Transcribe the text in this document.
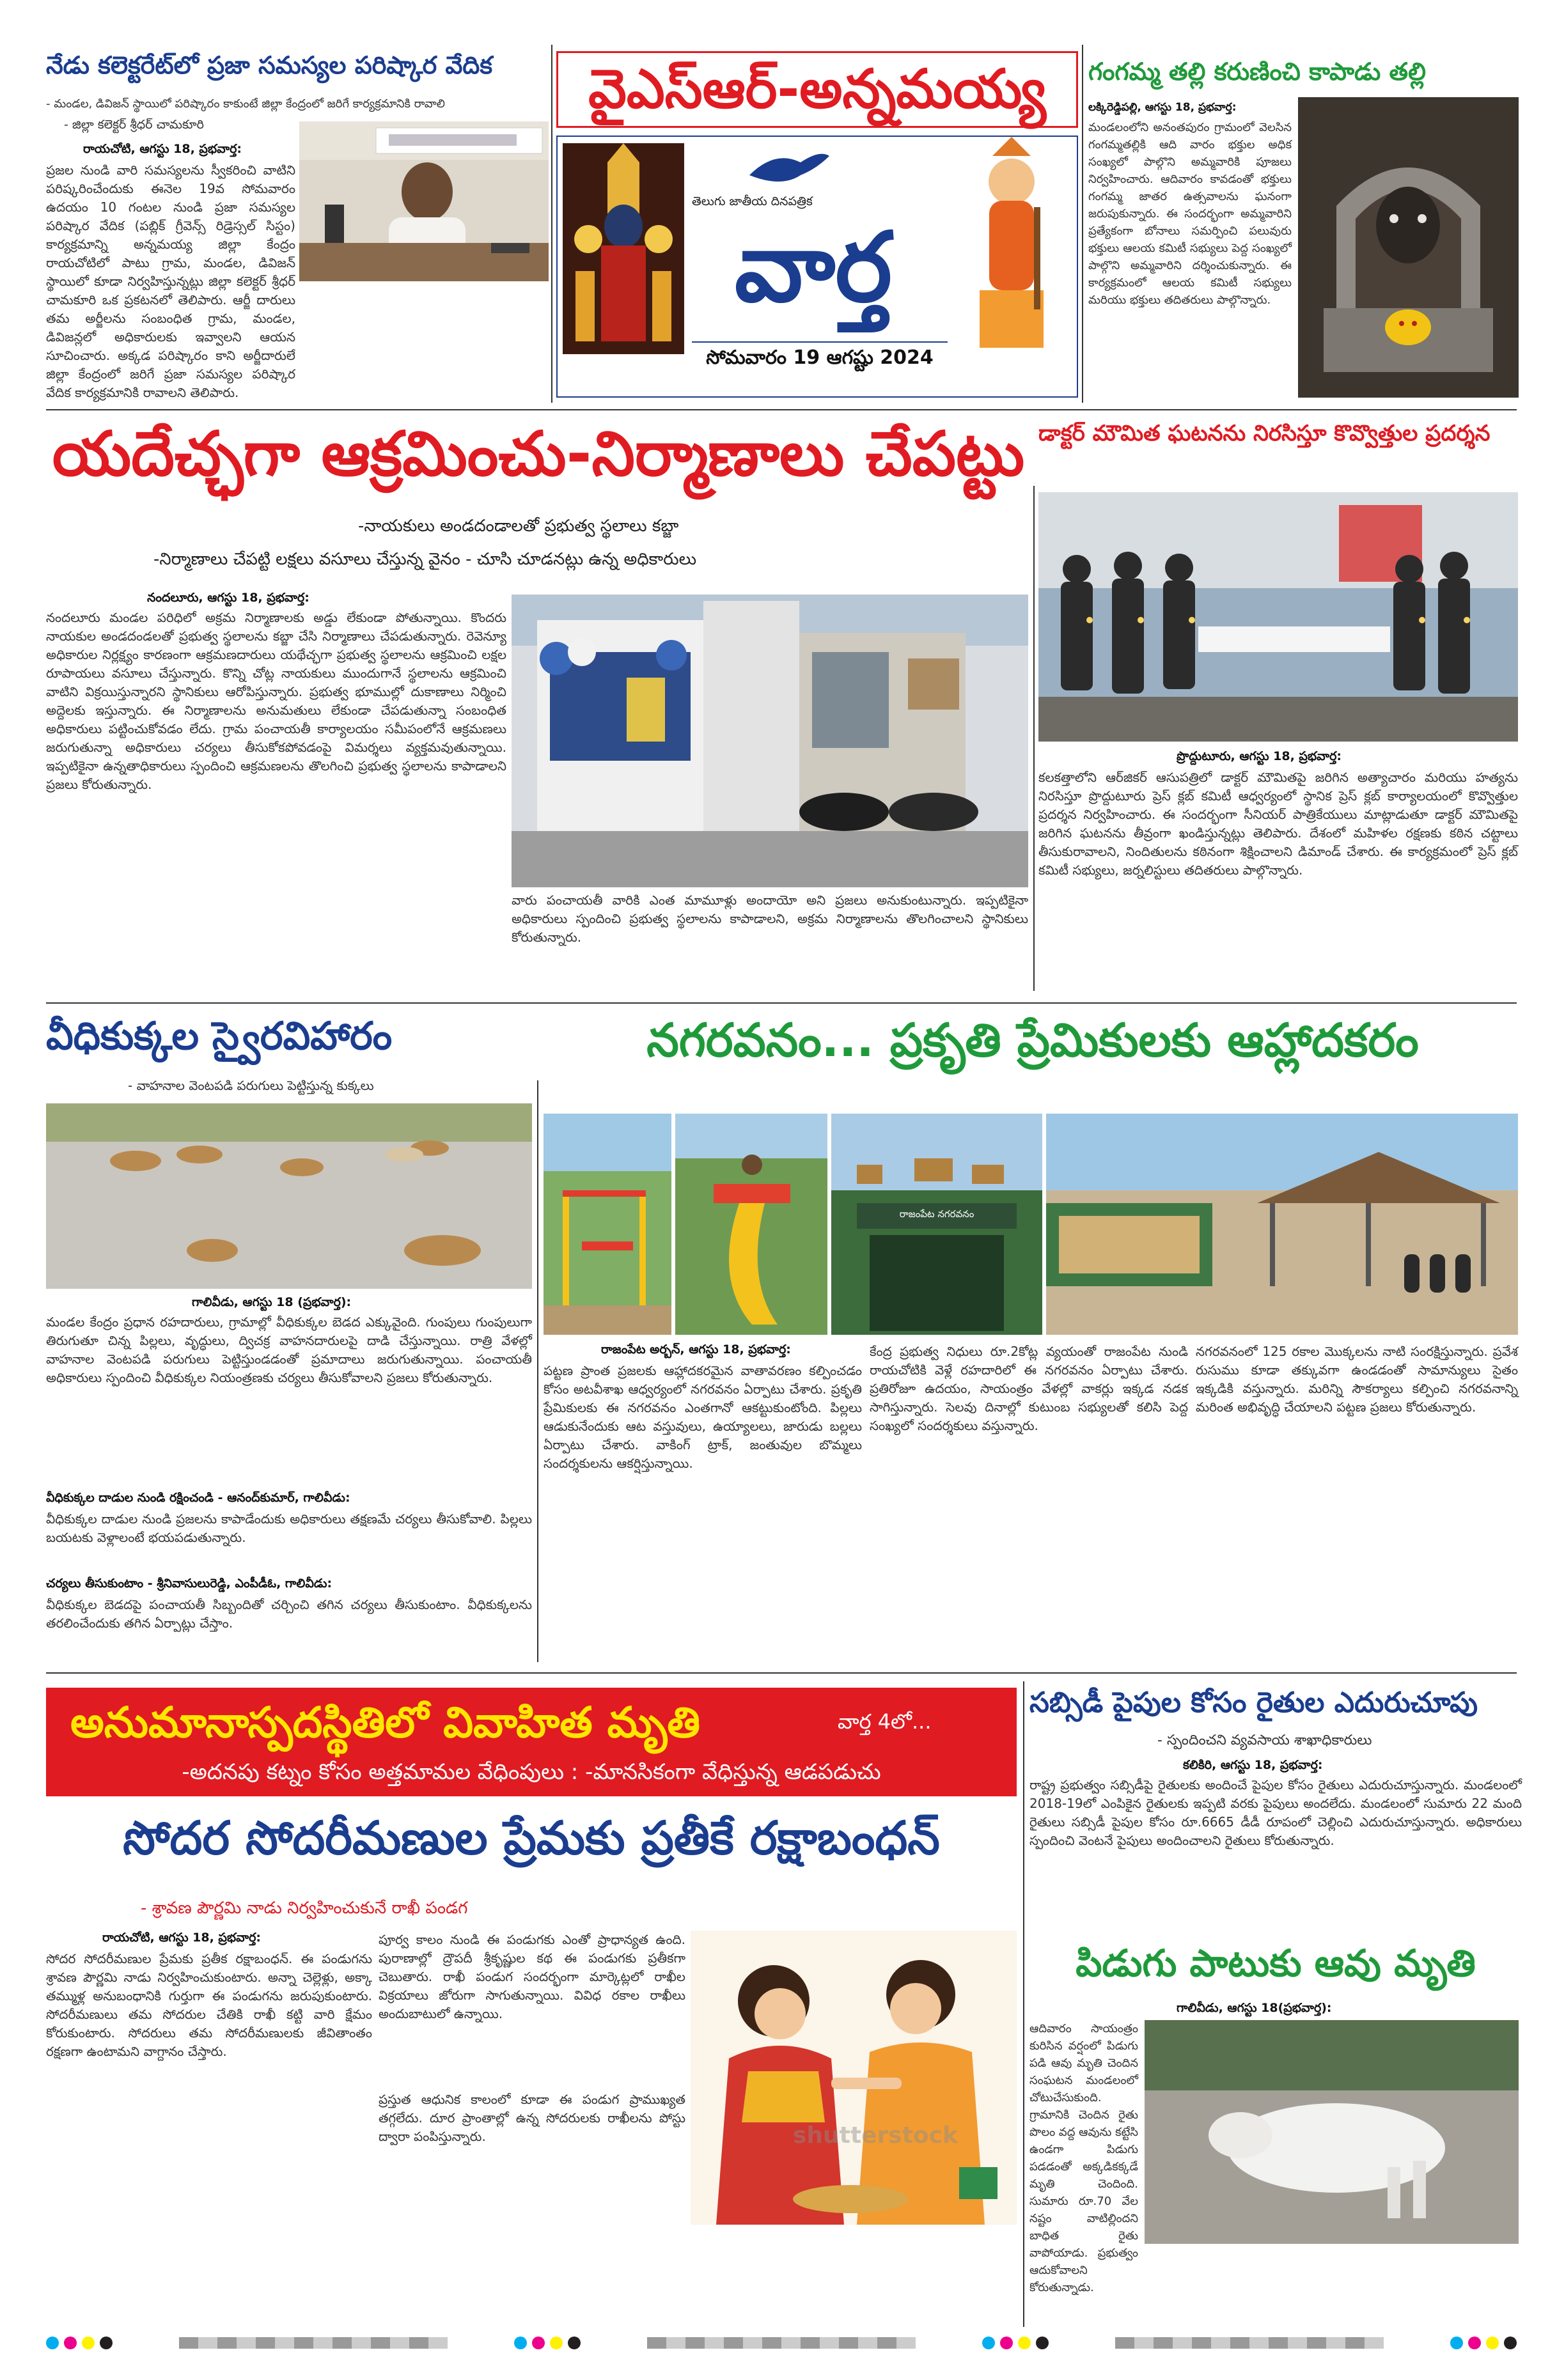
నేడు కలెక్టరేట్‌లో ప్రజా సమస్యల పరిష్కార వేదిక
- మండల, డివిజన్ స్థాయిలో పరిష్కారం కాకుంటే జిల్లా కేంద్రంలో జరిగే కార్యక్రమానికి రావాలి
- జిల్లా కలెక్టర్ శ్రీధర్ చామకూరి
రాయచోటి, ఆగస్టు 18, ప్రభవార్త:
ప్రజల నుండి వారి సమస్యలను స్వీకరించి వాటిని పరిష్కరించేందుకు ఈనెల 19వ సోమవారం ఉదయం 10 గంటల నుండి ప్రజా సమస్యల పరిష్కార వేదిక (పబ్లిక్ గ్రీవెన్స్ రిడ్రెస్సల్ సిస్టం) కార్యక్రమాన్ని అన్నమయ్య జిల్లా కేంద్రం రాయచోటిలో పాటు గ్రామ, మండల, డివిజన్ స్థాయిలో కూడా నిర్వహిస్తున్నట్లు జిల్లా కలెక్టర్ శ్రీధర్ చామకూరి ఒక ప్రకటనలో తెలిపారు. ఆర్జీ దారులు తమ అర్జీలను సంబంధిత గ్రామ, మండల, డివిజన్లలో అధికారులకు ఇవ్వాలని ఆయన సూచించారు. అక్కడ పరిష్కారం కాని అర్జీదారులే జిల్లా కేంద్రంలో జరిగే ప్రజా సమస్యల పరిష్కార వేదిక కార్యక్రమానికి రావాలని తెలిపారు.
వైఎస్ఆర్-అన్నమయ్య
తెలుగు జాతీయ దినపత్రిక
వార్త
సోమవారం 19 ఆగష్టు 2024
గంగమ్మ తల్లి కరుణించి కాపాడు తల్లి
లక్కిరెడ్డిపల్లి, ఆగస్టు 18, ప్రభవార్త:
మండలంలోని అనంతపురం గ్రామంలో వెలసిన గంగమ్మతల్లికి ఆది వారం భక్తుల అధిక సంఖ్యలో పాల్గొని అమ్మవారికి పూజలు నిర్వహించారు. ఆదివారం కావడంతో భక్తులు గంగమ్మ జాతర ఉత్సవాలను ఘనంగా జరుపుకున్నారు. ఈ సందర్భంగా అమ్మవారిని ప్రత్యేకంగా బోనాలు సమర్పించి పలువురు భక్తులు ఆలయ కమిటీ సభ్యులు పెద్ద సంఖ్యలో పాల్గొని అమ్మవారిని దర్శించుకున్నారు. ఈ కార్యక్రమంలో ఆలయ కమిటీ సభ్యులు మరియు భక్తులు తదితరులు పాల్గొన్నారు.
యదేచ్ఛగా ఆక్రమించు-నిర్మాణాలు చేపట్టు
-నాయకులు అండదండాలతో ప్రభుత్వ స్థలాలు కబ్జా
-నిర్మాణాలు చేపట్టి లక్షలు వసూలు చేస్తున్న వైనం - చూసి చూడనట్లు ఉన్న అధికారులు
నందలూరు, ఆగస్టు 18, ప్రభవార్త:
నందలూరు మండల పరిధిలో అక్రమ నిర్మాణాలకు అడ్డు లేకుండా పోతున్నాయి. కొందరు నాయకుల అండదండలతో ప్రభుత్వ స్థలాలను కబ్జా చేసి నిర్మాణాలు చేపడుతున్నారు. రెవెన్యూ అధికారుల నిర్లక్ష్యం కారణంగా ఆక్రమణదారులు యథేచ్ఛగా ప్రభుత్వ స్థలాలను ఆక్రమించి లక్షల రూపాయలు వసూలు చేస్తున్నారు. కొన్ని చోట్ల నాయకులు ముందుగానే స్థలాలను ఆక్రమించి వాటిని విక్రయిస్తున్నారని స్థానికులు ఆరోపిస్తున్నారు. ప్రభుత్వ భూముల్లో దుకాణాలు నిర్మించి అద్దెలకు ఇస్తున్నారు. ఈ నిర్మాణాలను అనుమతులు లేకుండా చేపడుతున్నా సంబంధిత అధికారులు పట్టించుకోవడం లేదు. గ్రామ పంచాయతీ కార్యాలయం సమీపంలోనే ఆక్రమణలు జరుగుతున్నా అధికారులు చర్యలు తీసుకోకపోవడంపై విమర్శలు వ్యక్తమవుతున్నాయి. ఇప్పటికైనా ఉన్నతాధికారులు స్పందించి ఆక్రమణలను తొలగించి ప్రభుత్వ స్థలాలను కాపాడాలని ప్రజలు కోరుతున్నారు.
వారు పంచాయతీ వారికి ఎంత మామూళ్లు అందాయో అని ప్రజలు అనుకుంటున్నారు. ఇప్పటికైనా అధికారులు స్పందించి ప్రభుత్వ స్థలాలను కాపాడాలని, అక్రమ నిర్మాణాలను తొలగించాలని స్థానికులు కోరుతున్నారు.
డాక్టర్ మౌమిత ఘటనను నిరసిస్తూ కొవ్వొత్తుల ప్రదర్శన
ప్రొద్దుటూరు, ఆగస్టు 18, ప్రభవార్త:
కలకత్తాలోని ఆర్‌జికర్ ఆసుపత్రిలో డాక్టర్ మౌమితపై జరిగిన అత్యాచారం మరియు హత్యను నిరసిస్తూ ప్రొద్దుటూరు ప్రెస్ క్లబ్ కమిటీ ఆధ్వర్యంలో స్థానిక ప్రెస్ క్లబ్ కార్యాలయంలో కొవ్వొత్తుల ప్రదర్శన నిర్వహించారు. ఈ సందర్భంగా సీనియర్ పాత్రికేయులు మాట్లాడుతూ డాక్టర్ మౌమితపై జరిగిన ఘటనను తీవ్రంగా ఖండిస్తున్నట్లు తెలిపారు. దేశంలో మహిళల రక్షణకు కఠిన చట్టాలు తీసుకురావాలని, నిందితులను కఠినంగా శిక్షించాలని డిమాండ్ చేశారు. ఈ కార్యక్రమంలో ప్రెస్ క్లబ్ కమిటీ సభ్యులు, జర్నలిస్టులు తదితరులు పాల్గొన్నారు.
వీధికుక్కల స్వైరవిహారం
- వాహనాల వెంటపడి పరుగులు పెట్టిస్తున్న కుక్కలు
గాలివీడు, ఆగస్టు 18 (ప్రభవార్త):
మండల కేంద్రం ప్రధాన రహదారులు, గ్రామాల్లో వీధికుక్కల బెడద ఎక్కువైంది. గుంపులు గుంపులుగా తిరుగుతూ చిన్న పిల్లలు, వృద్ధులు, ద్విచక్ర వాహనదారులపై దాడి చేస్తున్నాయి. రాత్రి వేళల్లో వాహనాల వెంటపడి పరుగులు పెట్టిస్తుండడంతో ప్రమాదాలు జరుగుతున్నాయి. పంచాయతీ అధికారులు స్పందించి వీధికుక్కల నియంత్రణకు చర్యలు తీసుకోవాలని ప్రజలు కోరుతున్నారు.
వీధికుక్కల దాడుల నుండి రక్షించండి - ఆనంద్‌కుమార్, గాలివీడు:
వీధికుక్కల దాడుల నుండి ప్రజలను కాపాడేందుకు అధికారులు తక్షణమే చర్యలు తీసుకోవాలి. పిల్లలు బయటకు వెళ్లాలంటే భయపడుతున్నారు.
చర్యలు తీసుకుంటాం - శ్రీనివాసులురెడ్డి, ఎంపీడీఓ, గాలివీడు:
వీధికుక్కల బెడదపై పంచాయతీ సిబ్బందితో చర్చించి తగిన చర్యలు తీసుకుంటాం. వీధికుక్కలను తరలించేందుకు తగిన ఏర్పాట్లు చేస్తాం.
నగరవనం... ప్రకృతి ప్రేమికులకు ఆహ్లాదకరం
రాజంపేట నగరవనం
రాజంపేట అర్బన్, ఆగస్టు 18, ప్రభవార్త:
పట్టణ ప్రాంత ప్రజలకు ఆహ్లాదకరమైన వాతావరణం కల్పించడం కోసం అటవీశాఖ ఆధ్వర్యంలో నగరవనం ఏర్పాటు చేశారు. ప్రకృతి ప్రేమికులకు ఈ నగరవనం ఎంతగానో ఆకట్టుకుంటోంది. పిల్లలు ఆడుకునేందుకు ఆట వస్తువులు, ఉయ్యాలలు, జారుడు బల్లలు ఏర్పాటు చేశారు. వాకింగ్ ట్రాక్, జంతువుల బొమ్మలు సందర్శకులను ఆకర్షిస్తున్నాయి.
కేంద్ర ప్రభుత్వ నిధులు రూ.2కోట్ల వ్యయంతో రాజంపేట నుండి రాయచోటికి వెళ్లే రహదారిలో ఈ నగరవనం ఏర్పాటు చేశారు. ప్రతిరోజూ ఉదయం, సాయంత్రం వేళల్లో వాకర్లు ఇక్కడ నడక సాగిస్తున్నారు. సెలవు దినాల్లో కుటుంబ సభ్యులతో కలిసి పెద్ద సంఖ్యలో సందర్శకులు వస్తున్నారు.
నగరవనంలో 125 రకాల మొక్కలను నాటి సంరక్షిస్తున్నారు. ప్రవేశ రుసుము కూడా తక్కువగా ఉండడంతో సామాన్యులు సైతం ఇక్కడికి వస్తున్నారు. మరిన్ని సౌకర్యాలు కల్పించి నగరవనాన్ని మరింత అభివృద్ధి చేయాలని పట్టణ ప్రజలు కోరుతున్నారు.
అనుమానాస్పదస్థితిలో వివాహిత మృతి	వార్త 4లో...
-అదనపు కట్నం కోసం అత్తమామల వేధింపులు : -మానసికంగా వేధిస్తున్న ఆడపడుచు
సోదర సోదరీమణుల ప్రేమకు ప్రతీకే రక్షాబంధన్
- శ్రావణ పౌర్ణమి నాడు నిర్వహించుకునే రాఖీ పండగ
రాయచోటి, ఆగస్టు 18, ప్రభవార్త:
సోదర సోదరీమణుల ప్రేమకు ప్రతీక రక్షాబంధన్. ఈ పండుగను శ్రావణ పౌర్ణమి నాడు నిర్వహించుకుంటారు. అన్నా చెల్లెళ్లు, అక్కా తమ్ముళ్ల అనుబంధానికి గుర్తుగా ఈ పండుగను జరుపుకుంటారు. సోదరీమణులు తమ సోదరుల చేతికి రాఖీ కట్టి వారి క్షేమం కోరుకుంటారు. సోదరులు తమ సోదరీమణులకు జీవితాంతం రక్షణగా ఉంటామని వాగ్దానం చేస్తారు.
పూర్వ కాలం నుండి ఈ పండుగకు ఎంతో ప్రాధాన్యత ఉంది. పురాణాల్లో ద్రౌపదీ శ్రీకృష్ణుల కథ ఈ పండుగకు ప్రతీకగా చెబుతారు. రాఖీ పండుగ సందర్భంగా మార్కెట్లలో రాఖీల విక్రయాలు జోరుగా సాగుతున్నాయి. వివిధ రకాల రాఖీలు అందుబాటులో ఉన్నాయి.
shutterstock
ప్రస్తుత ఆధునిక కాలంలో కూడా ఈ పండుగ ప్రాముఖ్యత తగ్గలేదు. దూర ప్రాంతాల్లో ఉన్న సోదరులకు రాఖీలను పోస్టు ద్వారా పంపిస్తున్నారు.
సబ్సిడీ పైపుల కోసం రైతుల ఎదురుచూపు
- స్పందించని వ్యవసాయ శాఖాధికారులు
కలికిరి, ఆగస్టు 18, ప్రభవార్త:
రాష్ట్ర ప్రభుత్వం సబ్సిడీపై రైతులకు అందించే పైపుల కోసం రైతులు ఎదురుచూస్తున్నారు. మండలంలో 2018-19లో ఎంపికైన రైతులకు ఇప్పటి వరకు పైపులు అందలేదు. మండలంలో సుమారు 22 మంది రైతులు సబ్సిడీ పైపుల కోసం రూ.6665 డీడీ రూపంలో చెల్లించి ఎదురుచూస్తున్నారు. అధికారులు స్పందించి వెంటనే పైపులు అందించాలని రైతులు కోరుతున్నారు.
పిడుగు పాటుకు ఆవు మృతి
గాలివీడు, ఆగస్టు 18(ప్రభవార్త):
ఆదివారం సాయంత్రం కురిసిన వర్షంలో పిడుగు పడి ఆవు మృతి చెందిన సంఘటన మండలంలో చోటుచేసుకుంది. గ్రామానికి చెందిన రైతు పొలం వద్ద ఆవును కట్టేసి ఉండగా పిడుగు పడడంతో అక్కడికక్కడే మృతి చెందింది. సుమారు రూ.70 వేల నష్టం వాటిల్లిందని బాధిత రైతు వాపోయాడు. ప్రభుత్వం ఆదుకోవాలని కోరుతున్నాడు.
